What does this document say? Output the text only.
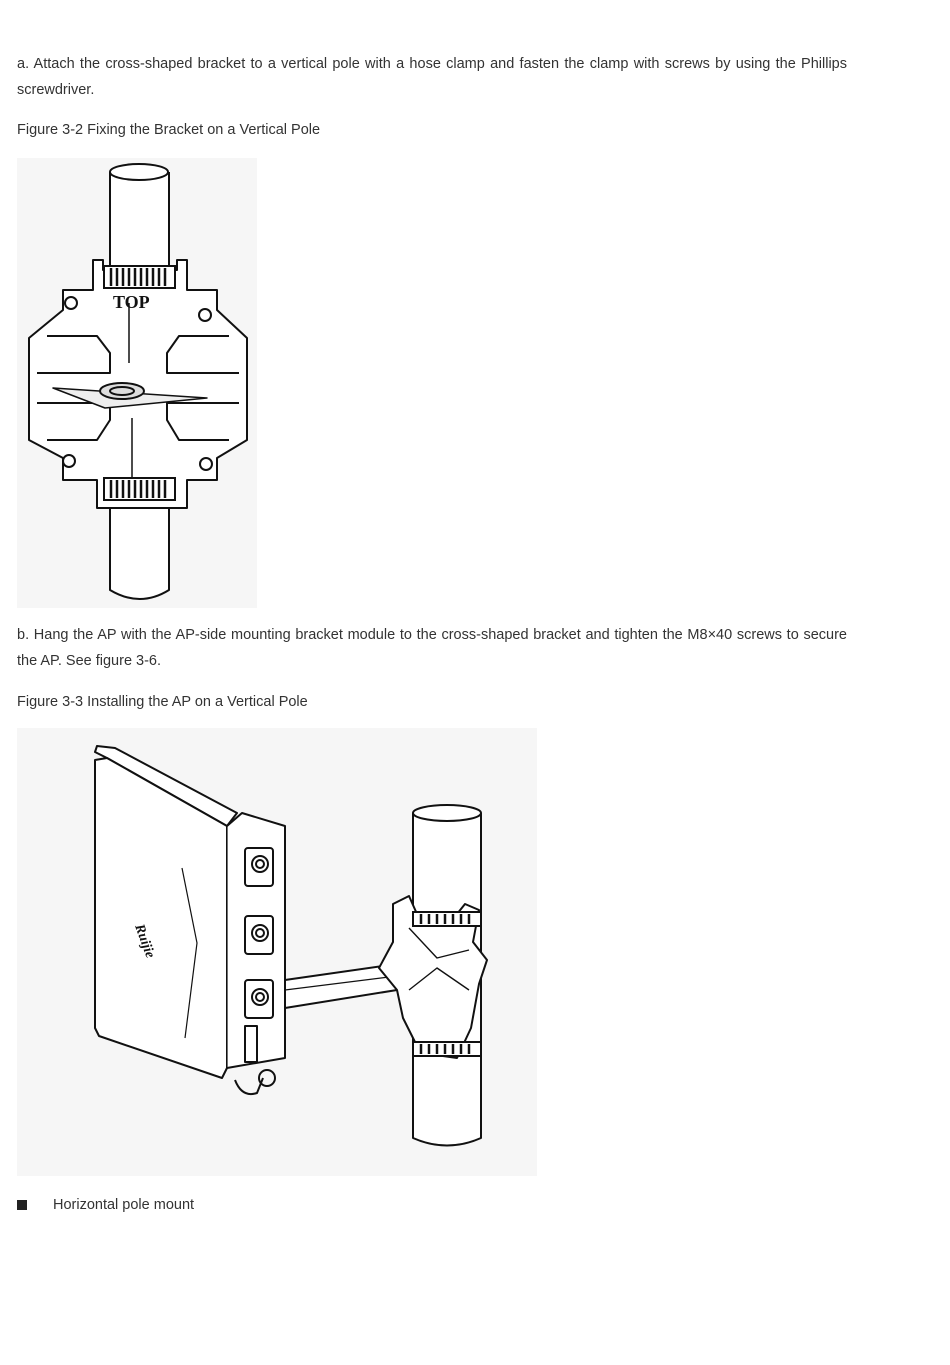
a. Attach the cross-shaped bracket to a vertical pole with a hose clamp and fasten the clamp with screws by using the Phillips screwdriver.

Figure 3-2 Fixing the Bracket on a Vertical Pole

TOP

b. Hang the AP with the AP-side mounting bracket module to the cross-shaped bracket and tighten the M8×40 screws to secure the AP. See figure 3-6.

Figure 3-3 Installing the AP on a Vertical Pole

Ruijie
Horizontal pole mount
